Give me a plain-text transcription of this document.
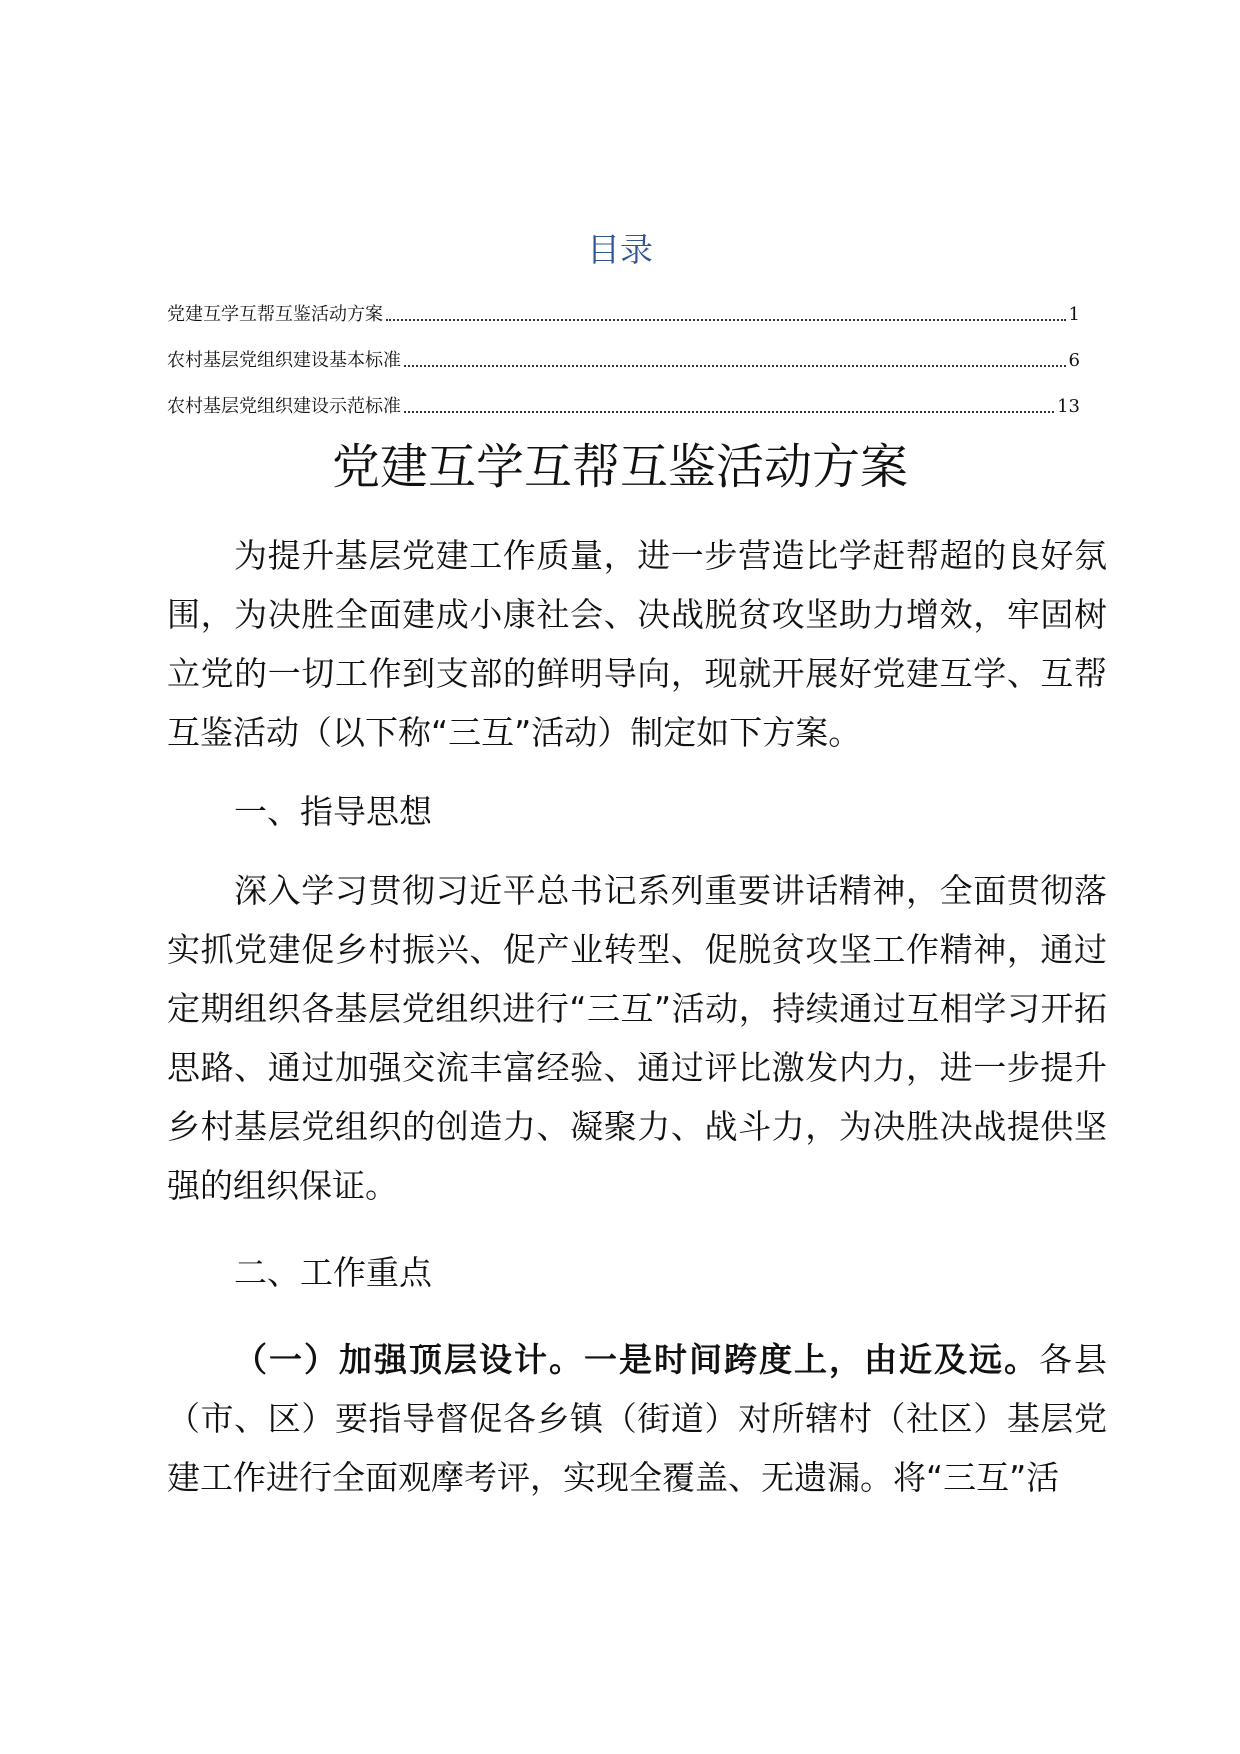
目录
党建互学互帮互鉴活动方案	1
农村基层党组织建设基本标准	6
农村基层党组织建设示范标准	13
党建互学互帮互鉴活动方案

为提升基层党建工作质量，进一步营造比学赶帮超的良好氛围，为决胜全面建成小康社会、决战脱贫攻坚助力增效，牢固树立党的一切工作到支部的鲜明导向，现就开展好党建互学、互帮互鉴活动（以下称“三互”活动）制定如下方案。

一、指导思想

深入学习贯彻习近平总书记系列重要讲话精神，全面贯彻落实抓党建促乡村振兴、促产业转型、促脱贫攻坚工作精神，通过定期组织各基层党组织进行“三互”活动，持续通过互相学习开拓思路、通过加强交流丰富经验、通过评比激发内力，进一步提升乡村基层党组织的创造力、凝聚力、战斗力，为决胜决战提供坚强的组织保证。

二、工作重点

（一）加强顶层设计。一是时间跨度上，由近及远。各县（市、区）要指导督促各乡镇（街道）对所辖村（社区）基层党建工作进行全面观摩考评，实现全覆盖、无遗漏。将“三互”活
